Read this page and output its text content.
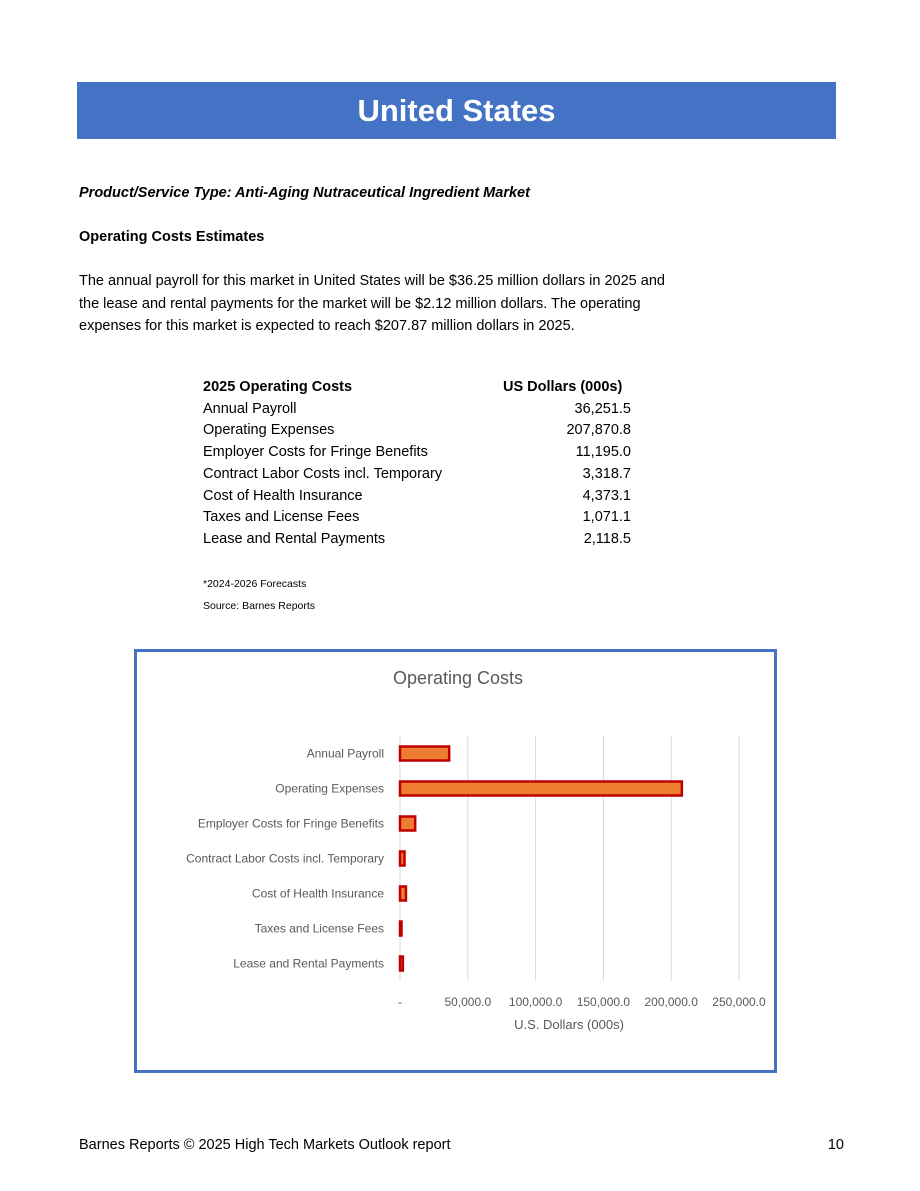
United States
Product/Service Type: Anti-Aging Nutraceutical Ingredient Market
Operating Costs Estimates
The annual payroll for this market in United States will be $36.25 million dollars in 2025 and
the lease and rental payments for the market will be $2.12 million dollars. The operating
expenses for this market is expected to reach $207.87 million dollars in 2025.
2025 Operating Costs	US Dollars (000s)
Annual Payroll	36,251.5
Operating Expenses	207,870.8
Employer Costs for Fringe Benefits	11,195.0
Contract Labor Costs incl. Temporary	3,318.7
Cost of Health Insurance	4,373.1
Taxes and License Fees	1,071.1
Lease and Rental Payments	2,118.5
*2024-2026 Forecasts
Source: Barnes Reports
-	50,000.0 100,000.0 150,000.0 200,000.0 250,000.0
Annual Payroll
Operating Expenses
Employer Costs for Fringe Benefits
Contract Labor Costs incl. Temporary
Cost of Health Insurance
Taxes and License Fees
Lease and Rental Payments
Operating Costs
U.S. Dollars (000s)
Barnes Reports © 2025 High Tech Markets Outlook report	10
